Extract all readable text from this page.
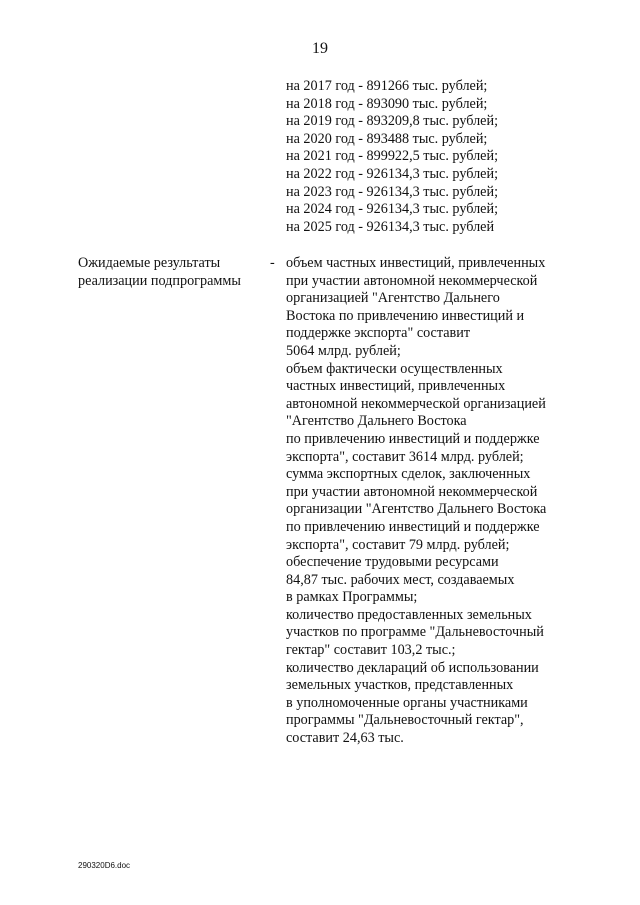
19
на 2017 год - 891266 тыс. рублей;
на 2018 год - 893090 тыс. рублей;
на 2019 год - 893209,8 тыс. рублей;
на 2020 год - 893488 тыс. рублей;
на 2021 год - 899922,5 тыс. рублей;
на 2022 год - 926134,3 тыс. рублей;
на 2023 год - 926134,3 тыс. рублей;
на 2024 год - 926134,3 тыс. рублей;
на 2025 год - 926134,3 тыс. рублей
Ожидаемые результаты
реализации подпрограммы
- объем частных инвестиций, привлеченных
при участии автономной некоммерческой
организацией "Агентство Дальнего
Востока по привлечению инвестиций и
поддержке экспорта" составит
5064 млрд. рублей;
объем фактически осуществленных
частных инвестиций, привлеченных
автономной некоммерческой организацией
"Агентство Дальнего Востока
по привлечению инвестиций и поддержке
экспорта", составит 3614 млрд. рублей;
сумма экспортных сделок, заключенных
при участии автономной некоммерческой
организации "Агентство Дальнего Востока
по привлечению инвестиций и поддержке
экспорта", составит 79 млрд. рублей;
обеспечение трудовыми ресурсами
84,87 тыс. рабочих мест, создаваемых
в рамках Программы;
количество предоставленных земельных
участков по программе "Дальневосточный
гектар" составит 103,2 тыс.;
количество деклараций об использовании
земельных участков, представленных
в уполномоченные органы участниками
программы "Дальневосточный гектар",
составит 24,63 тыс.
290320D6.doc
